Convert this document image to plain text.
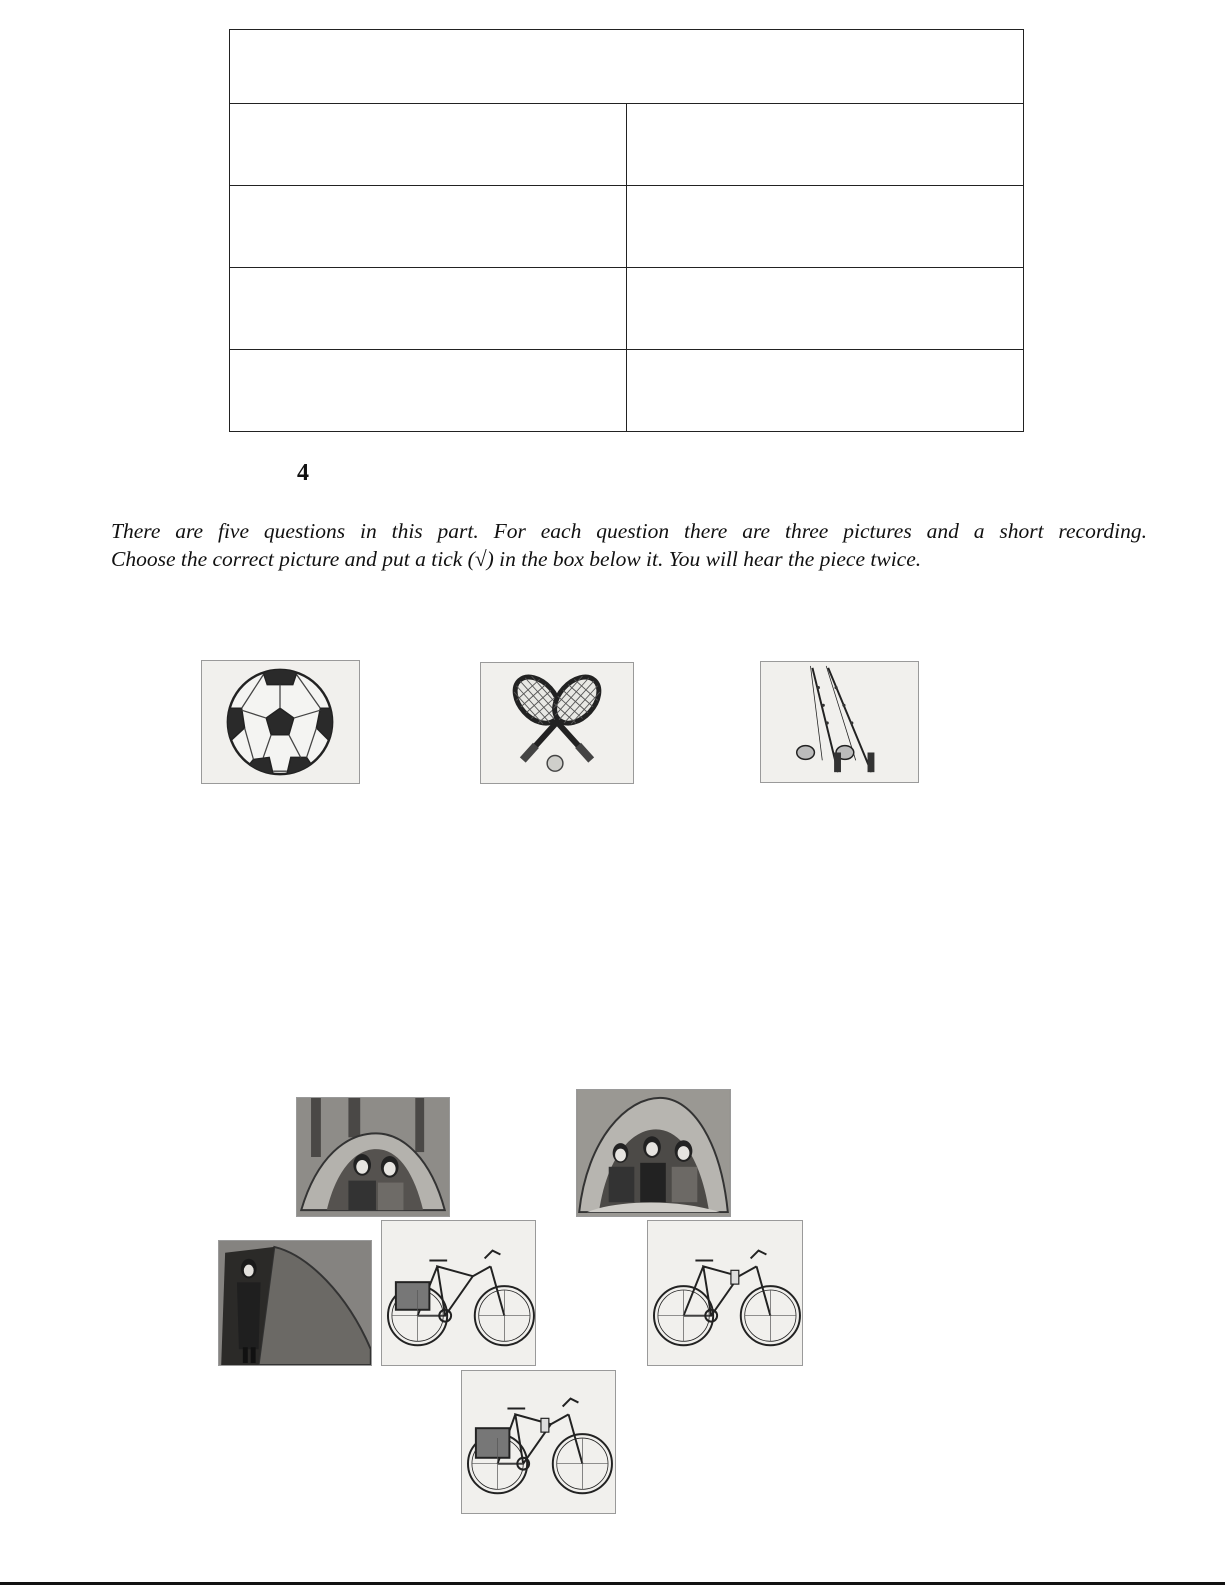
4

There are five questions in this part. For each question there are three pictures and a short recording.

Choose the correct picture and put a tick (√) in the box below it. You will hear the piece twice.
